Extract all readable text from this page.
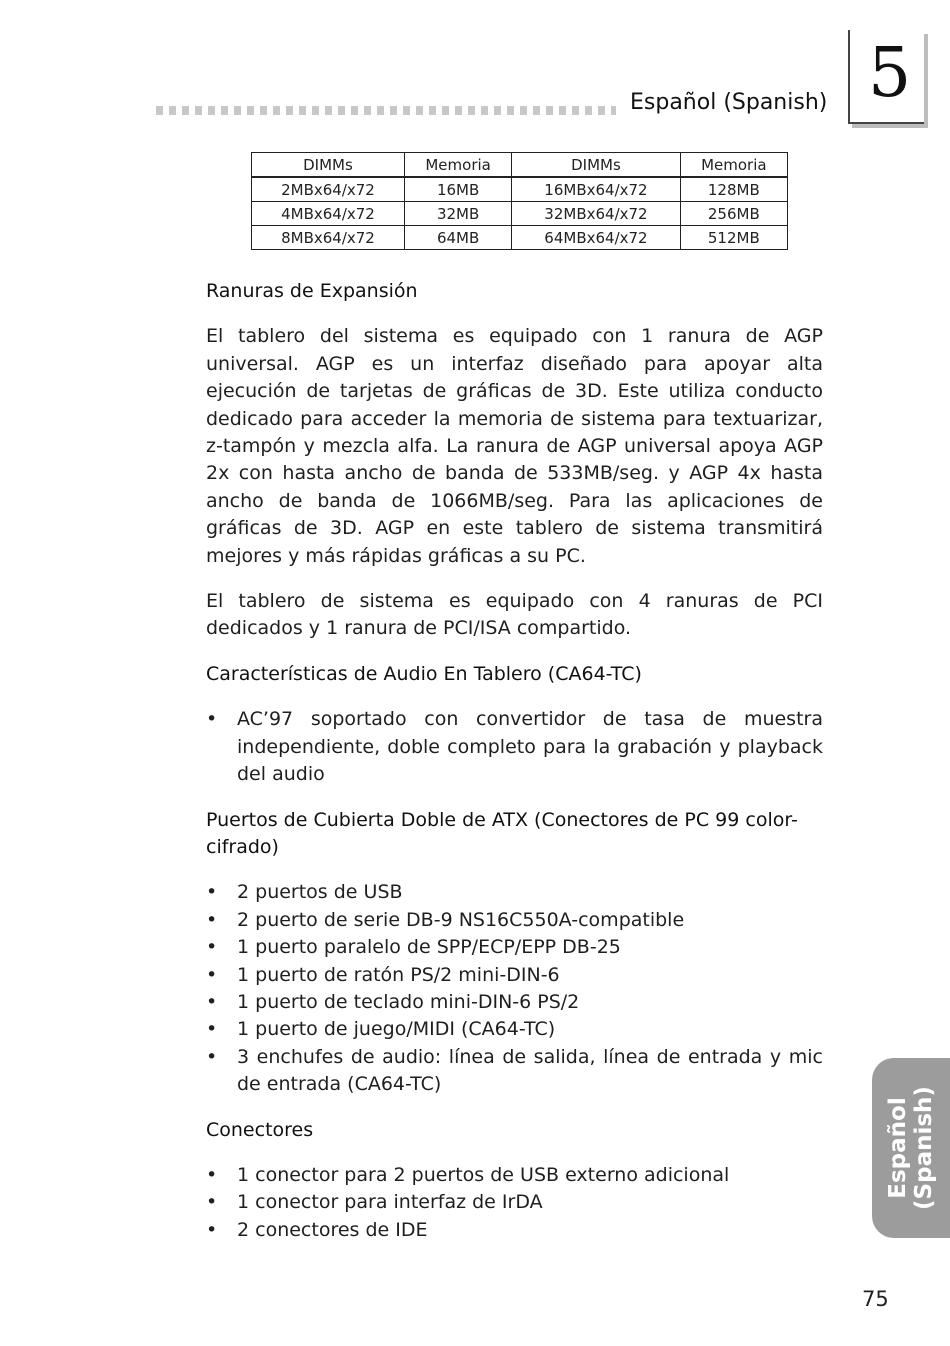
Español (Spanish) 5
DIMMs	Memoria	DIMMs	Memoria
2MBx64/x72	16MB	16MBx64/x72	128MB
4MBx64/x72	32MB	32MBx64/x72	256MB
8MBx64/x72	64MB	64MBx64/x72	512MB
Ranuras de Expansión

El tablero del sistema es equipado con 1 ranura de AGP universal. AGP es un interfaz diseñado para apoyar alta ejecución de tarjetas de gráficas de 3D. Este utiliza conducto dedicado para acceder la memoria de sistema para textuarizar, z-tampón y mezcla alfa. La ranura de AGP universal apoya AGP 2x con hasta ancho de banda de 533MB/seg. y AGP 4x hasta ancho de banda de 1066MB/seg. Para las aplicaciones de gráficas de 3D. AGP en este tablero de sistema transmitirá mejores y más rápidas gráficas a su PC.

El tablero de sistema es equipado con 4 ranuras de PCI dedicados y 1 ranura de PCI/ISA compartido.

Características de Audio En Tablero (CA64-TC)
• AC’97 soportado con convertidor de tasa de muestra independiente, doble completo para la grabación y playback del audio
Puertos de Cubierta Doble de ATX (Conectores de PC 99 color-cifrado)
• 2 puertos de USB
• 2 puerto de serie DB-9 NS16C550A-compatible
• 1 puerto paralelo de SPP/ECP/EPP DB-25
• 1 puerto de ratón PS/2 mini-DIN-6
• 1 puerto de teclado mini-DIN-6 PS/2
• 1 puerto de juego/MIDI (CA64-TC)
• 3 enchufes de audio: línea de salida, línea de entrada y mic de entrada (CA64-TC)
Conectores
• 1 conector para 2 puertos de USB externo adicional
• 1 conector para interfaz de IrDA
• 2 conectores de IDE
Español (Spanish)
75
